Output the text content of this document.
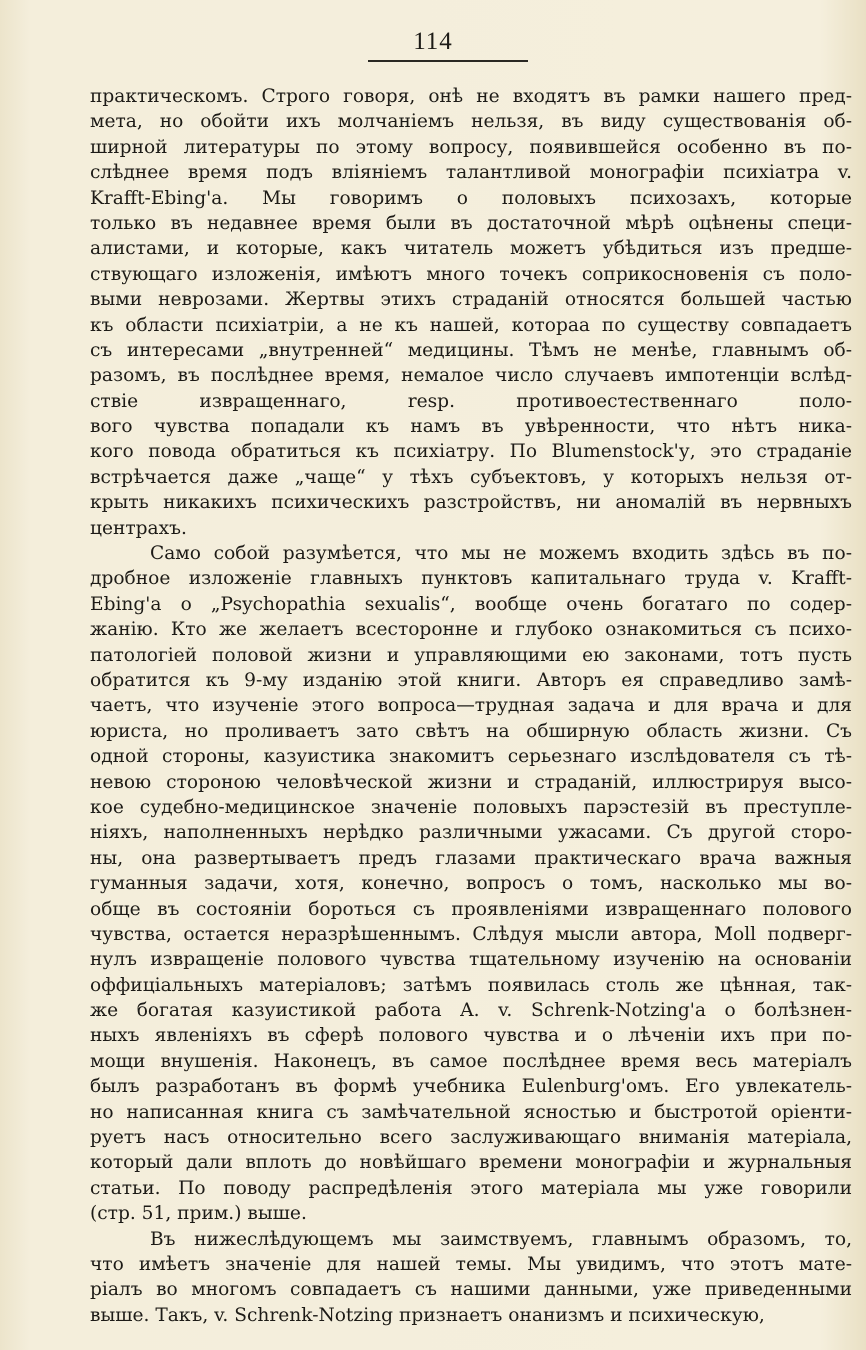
114
практическомъ. Строго говоря, онѣ не входятъ въ рамки нашего пред-
мета, но обойти ихъ молчаніемъ нельзя, въ виду существованія об-
ширной литературы по этому вопросу, появившейся особенно въ по-
слѣднее время подъ вліяніемъ талантливой монографіи психіатра v.
Krafft-Ebing'a. Мы говоримъ о половыхъ психозахъ, которые
только въ недавнее время были въ достаточной мѣрѣ оцѣнены специ-
алистами, и которые, какъ читатель можетъ убѣдиться изъ предше-
ствующаго изложенія, имѣютъ много точекъ соприкосновенія съ поло-
выми неврозами. Жертвы этихъ страданій относятся большей частью
къ области психіатріи, а не къ нашей, котораа по существу совпадаетъ
съ интересами „внутренней“ медицины. Тѣмъ не менѣе, главнымъ об-
разомъ, въ послѣднее время, немалое число случаевъ импотенціи вслѣд-
ствіе извращеннаго, resp. противоестественнаго поло-
вого чувства попадали къ намъ въ увѣренности, что нѣтъ никa-
кого повода обратиться къ психіатру. По Blumenstock'у, это страданіе
встрѣчается даже „чаще“ у тѣхъ субъектовъ, у которыхъ нельзя от-
крыть никакихъ психическихъ разстройствъ, ни аномалій въ нервныхъ
центрахъ.
Само собой разумѣется, что мы не можемъ входить здѣсь въ по-
дробное изложеніе главныхъ пунктовъ капитальнаго труда v. Krafft-
Ebing'a o „Psychopathia sexualis“, вообще очень богатаго по содер-
жанію. Кто же желаетъ всесторонне и глубоко ознакомиться съ психо-
патологіей половой жизни и управляющими ею законами, тотъ пусть
обратится къ 9-му изданію этой книги. Авторъ ея справедливо замѣ-
чаетъ, что изученіе этого вопроса—трудная задача и для врача и для
юриста, но проливаетъ зато свѣтъ на обширную область жизни. Съ
одной стороны, казуистика знакомитъ серьезнаго изслѣдователя съ тѣ-
невою стороною человѣческой жизни и страданій, иллюстрируя высо-
кое судебно-медицинское значеніе половыхъ парэстезій въ преступле-
ніяхъ, наполненныхъ нерѣдко различными ужасами. Съ другой сторо-
ны, она развертываетъ предъ глазами практическаго врача важныя
гуманныя задачи, хотя, конечно, вопросъ о томъ, насколько мы во-
обще въ состояніи бороться съ проявленіями извращеннаго полового
чувства, остается неразрѣшеннымъ. Слѣдуя мысли автора, Moll подверг-
нулъ извращеніе полового чувства тщательному изученію на основаніи
оффиціальныхъ матеріаловъ; затѣмъ появилась столь же цѣнная, так-
же богатая казуистикой работа A. v. Schrenk-Notzing'a о болѣзнен-
ныхъ явленіяхъ въ сферѣ полового чувства и о лѣченіи ихъ при по-
мощи внушенія. Наконецъ, въ самое послѣднее время весь матеріалъ
былъ разработанъ въ формѣ учебника Eulenburg'омъ. Его увлекатель-
но написанная книга съ замѣчательной ясностью и быстротой оріенти-
руетъ насъ относительно всего заслуживающаго вниманія матеріала,
который дали вплоть до новѣйшаго времени монографіи и журнальныя
статьи. По поводу распредѣленія этого матеріала мы уже говорили
(стр. 51, прим.) выше.
Въ нижеслѣдующемъ мы заимствуемъ, главнымъ образомъ, то,
что имѣетъ значеніе для нашей темы. Мы увидимъ, что этотъ мате-
ріалъ во многомъ совпадаетъ съ нашими данными, уже приведенными
выше. Такъ, v. Schrenk-Notzing признаетъ онанизмъ и психическую,
